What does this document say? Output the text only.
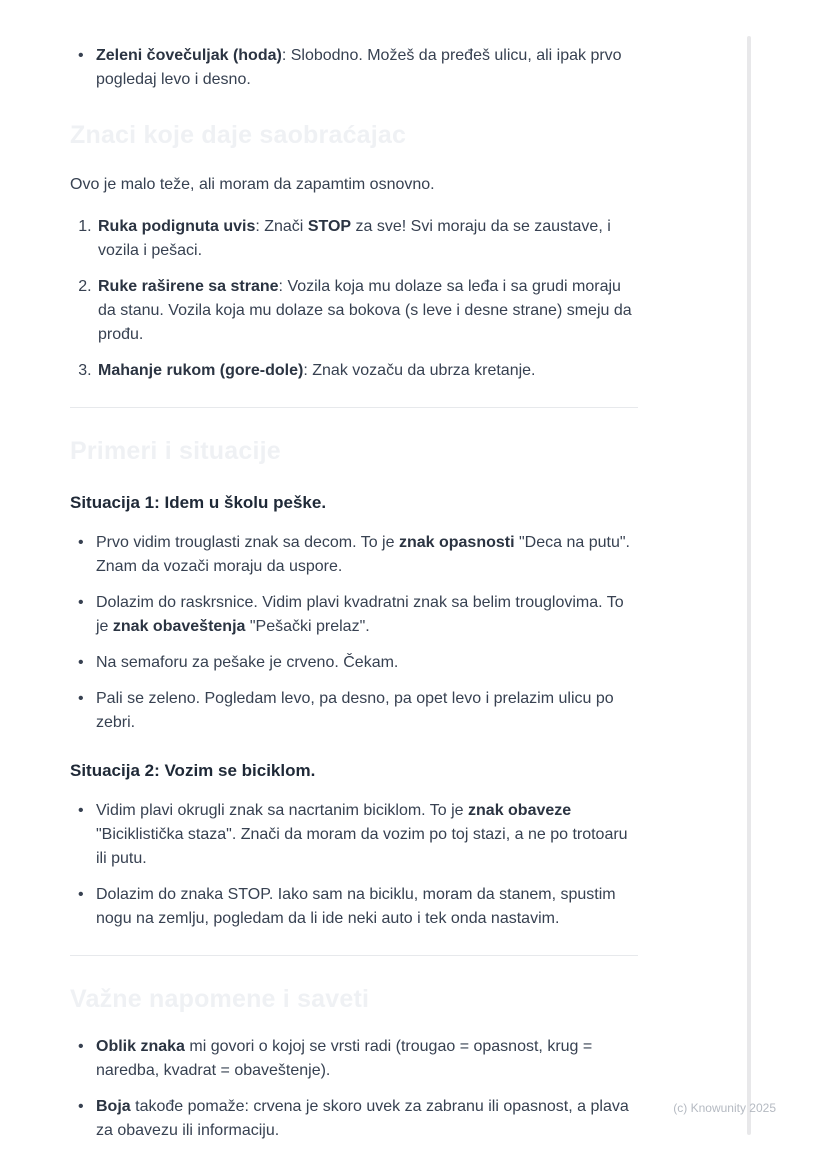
• Zeleni čovečuljak (hoda): Slobodno. Možeš da pređeš ulicu, ali ipak prvo pogledaj levo i desno.
Znaci koje daje saobraćajac

Ovo je malo teže, ali moram da zapamtim osnovno.

1. Ruka podignuta uvis: Znači STOP za sve! Svi moraju da se zaustave, i vozila i pešaci.
2. Ruke raširene sa strane: Vozila koja mu dolaze sa leđa i sa grudi moraju da stanu. Vozila koja mu dolaze sa bokova (s leve i desne strane) smeju da prođu.
3. Mahanje rukom (gore-dole): Znak vozaču da ubrza kretanje.
Primeri i situacije
Situacija 1: Idem u školu peške.
• Prvo vidim trouglasti znak sa decom. To je znak opasnosti "Deca na putu". Znam da vozači moraju da uspore.
• Dolazim do raskrsnice. Vidim plavi kvadratni znak sa belim trouglovima. To je znak obaveštenja "Pešački prelaz".
• Na semaforu za pešake je crveno. Čekam.
• Pali se zeleno. Pogledam levo, pa desno, pa opet levo i prelazim ulicu po zebri.
Situacija 2: Vozim se biciklom.
• Vidim plavi okrugli znak sa nacrtanim biciklom. To je znak obaveze "Biciklistička staza". Znači da moram da vozim po toj stazi, a ne po trotoaru ili putu.
• Dolazim do znaka STOP. Iako sam na biciklu, moram da stanem, spustim nogu na zemlju, pogledam da li ide neki auto i tek onda nastavim.
Važne napomene i saveti
• Oblik znaka mi govori o kojoj se vrsti radi (trougao = opasnost, krug = naredba, kvadrat = obaveštenje).
• Boja takođe pomaže: crvena je skoro uvek za zabranu ili opasnost, a plava za obavezu ili informaciju.
(c) Knowunity 2025
